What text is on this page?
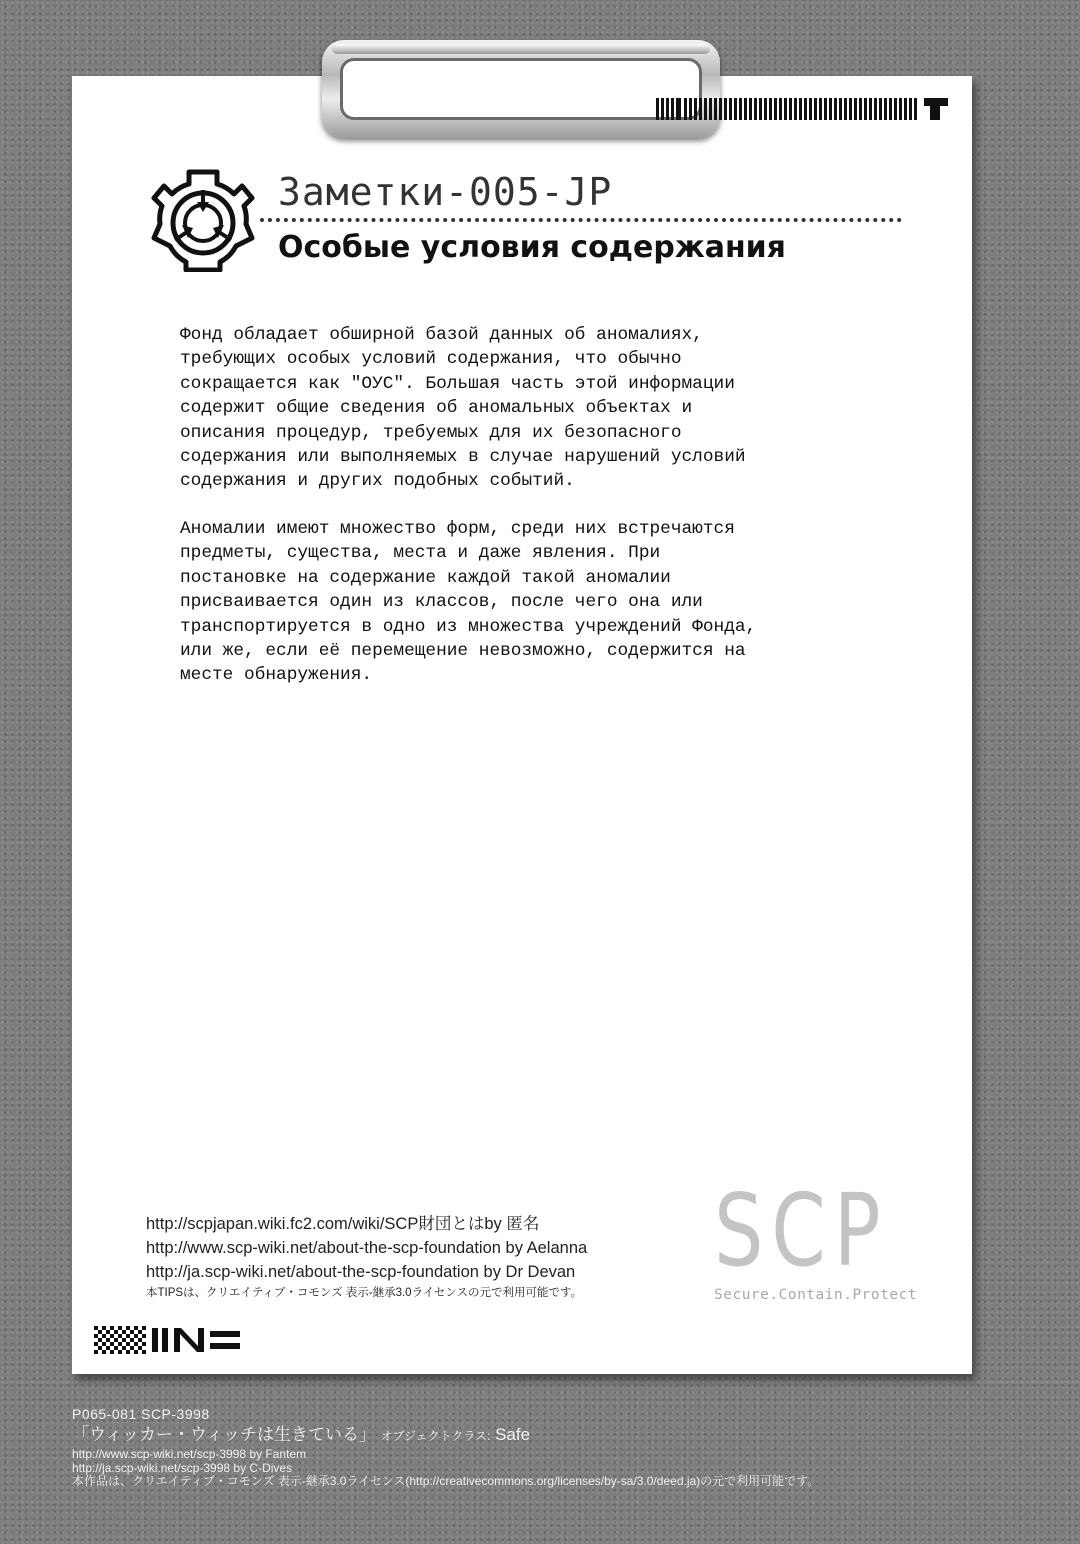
Заметки-005-JP
Особые условия содержания

Фонд обладает обширной базой данных об аномалиях,
требующих особых условий содержания, что обычно
сокращается как "ОУС". Большая часть этой информации
содержит общие сведения об аномальных объектах и
описания процедур, требуемых для их безопасного
содержания или выполняемых в случае нарушений условий
содержания и других подобных событий.

Аномалии имеют множество форм, среди них встречаются
предметы, существа, места и даже явления. При
постановке на содержание каждой такой аномалии
присваивается один из классов, после чего она или
транспортируется в одно из множества учреждений Фонда,
или же, если её перемещение невозможно, содержится на
месте обнаружения.

http://scpjapan.wiki.fc2.com/wiki/SCP財団とはby 匿名
http://www.scp-wiki.net/about-the-scp-foundation by Aelanna
http://ja.scp-wiki.net/about-the-scp-foundation by Dr Devan
本TIPSは、クリエイティブ・コモンズ 表示-継承3.0ライセンスの元で利用可能です。
SCP
Secure.Contain.Protect
P065-081 SCP-3998
「ウィッカー・ウィッチは生きている」 オブジェクトクラス: Safe
http://www.scp-wiki.net/scp-3998 by Fantem
http://ja.scp-wiki.net/scp-3998 by C-Dives
本作品は、クリエイティブ・コモンズ 表示-継承3.0ライセンス(http://creativecommons.org/licenses/by-sa/3.0/deed.ja)の元で利用可能です。
